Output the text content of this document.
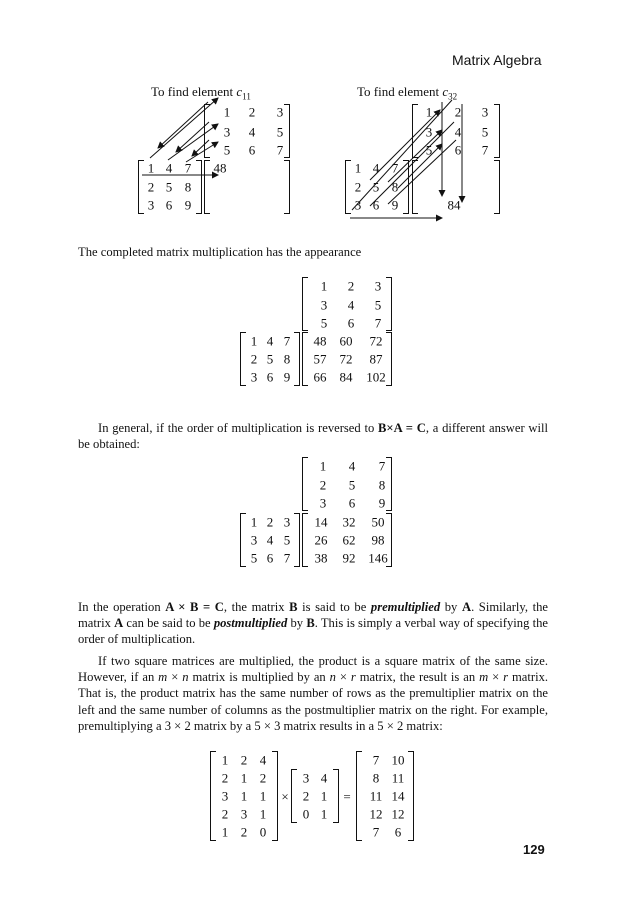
Matrix Algebra
To find element $c_{11}$	To find element $c_{32}$
1 2 3
3 4 5
5 6 7
1 4 7
2 5 8
3 6 9
48
1 2 3
3 4 5
5 6 7
1 4 7
2 5 8
3 6 9	84
The completed matrix multiplication has the appearance
1 2 3
3 4 5
5 6 7
1 4 7
2 5 8
3 6 9
48 60 72
57 72 87
66 84 102
In general, if the order of multiplication is reversed to B×A = C, a different answer will be obtained:
1 4 7
2 5 8
3 6 9
1 2 3
3 4 5
5 6 7
14 32 50
26 62 98
38 92 146
In the operation A × B = C, the matrix B is said to be premultiplied by A. Similarly, the matrix A can be said to be postmultiplied by B. This is simply a verbal way of specifying the order of multiplication.
If two square matrices are multiplied, the product is a square matrix of the same size. However, if an m × n matrix is multiplied by an n × r matrix, the result is an m × r matrix. That is, the product matrix has the same number of rows as the premultiplier matrix on the left and the same number of columns as the postmultiplier matrix on the right. For example, premultiplying a 3 × 2 matrix by a 5 × 3 matrix results in a 5 × 2 matrix:
1 2 4
2 1 2
3 1 1
2 3 1
1 2 0
×
3 4
2 1
0 1
=
7 10
8 11
11 14
12 12
7 6
129
